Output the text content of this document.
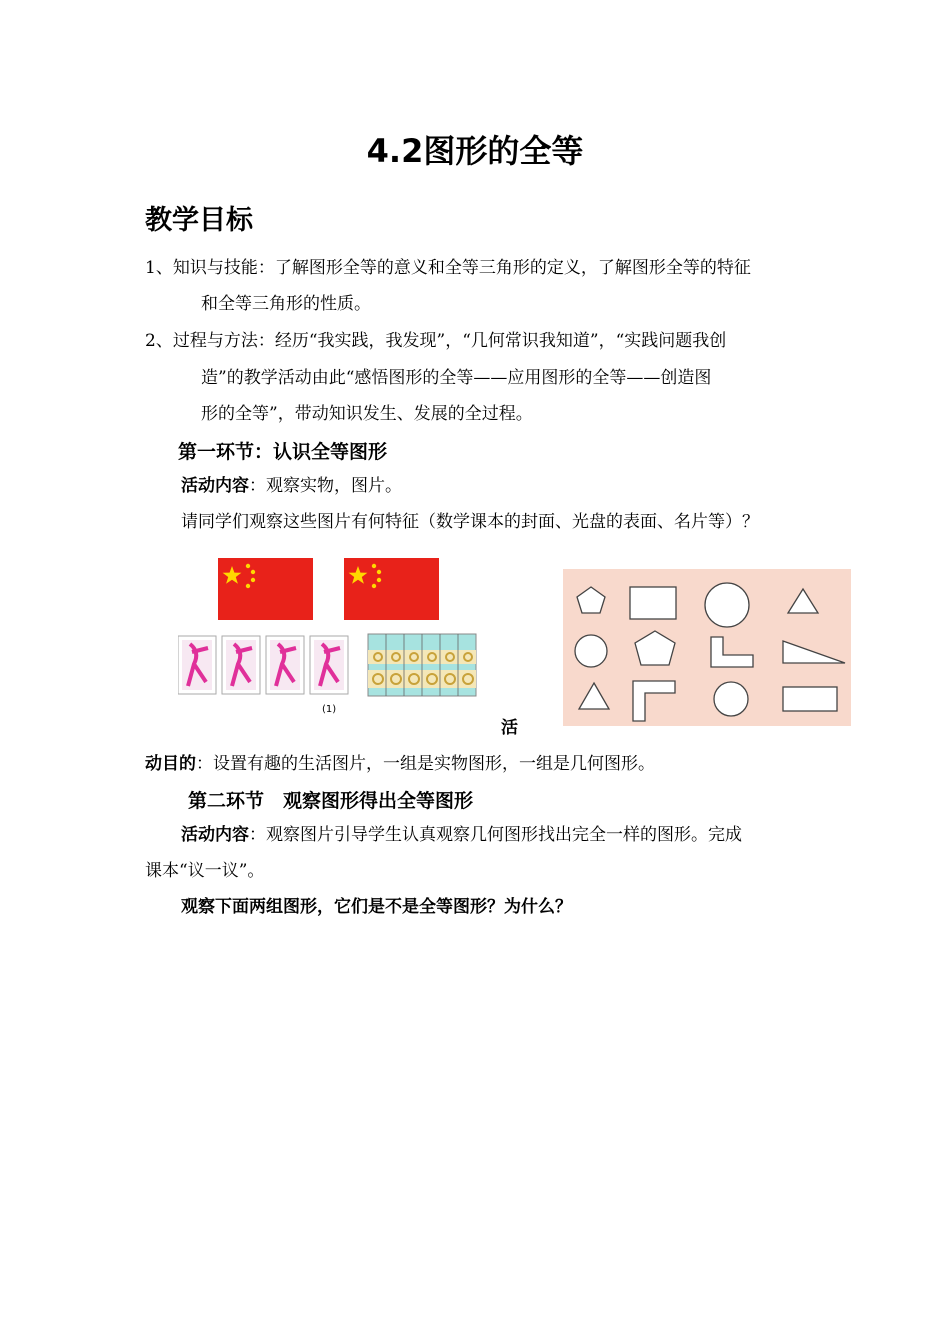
4.2图形的全等
教学目标
1、知识与技能：了解图形全等的意义和全等三角形的定义，了解图形全等的特征
和全等三角形的性质。
2、过程与方法：经历“我实践，我发现”，“几何常识我知道”，“实践问题我创
造”的教学活动由此“感悟图形的全等——应用图形的全等——创造图
形的全等”，带动知识发生、发展的全过程。
第一环节：认识全等图形
活动内容：观察实物，图片。
请同学们观察这些图片有何特征（数学课本的封面、光盘的表面、名片等）？
(1)
活
动目的：设置有趣的生活图片，一组是实物图形，一组是几何图形。
第二环节　观察图形得出全等图形
活动内容：观察图片引导学生认真观察几何图形找出完全一样的图形。完成
课本“议一议”。
观察下面两组图形，它们是不是全等图形？为什么？
